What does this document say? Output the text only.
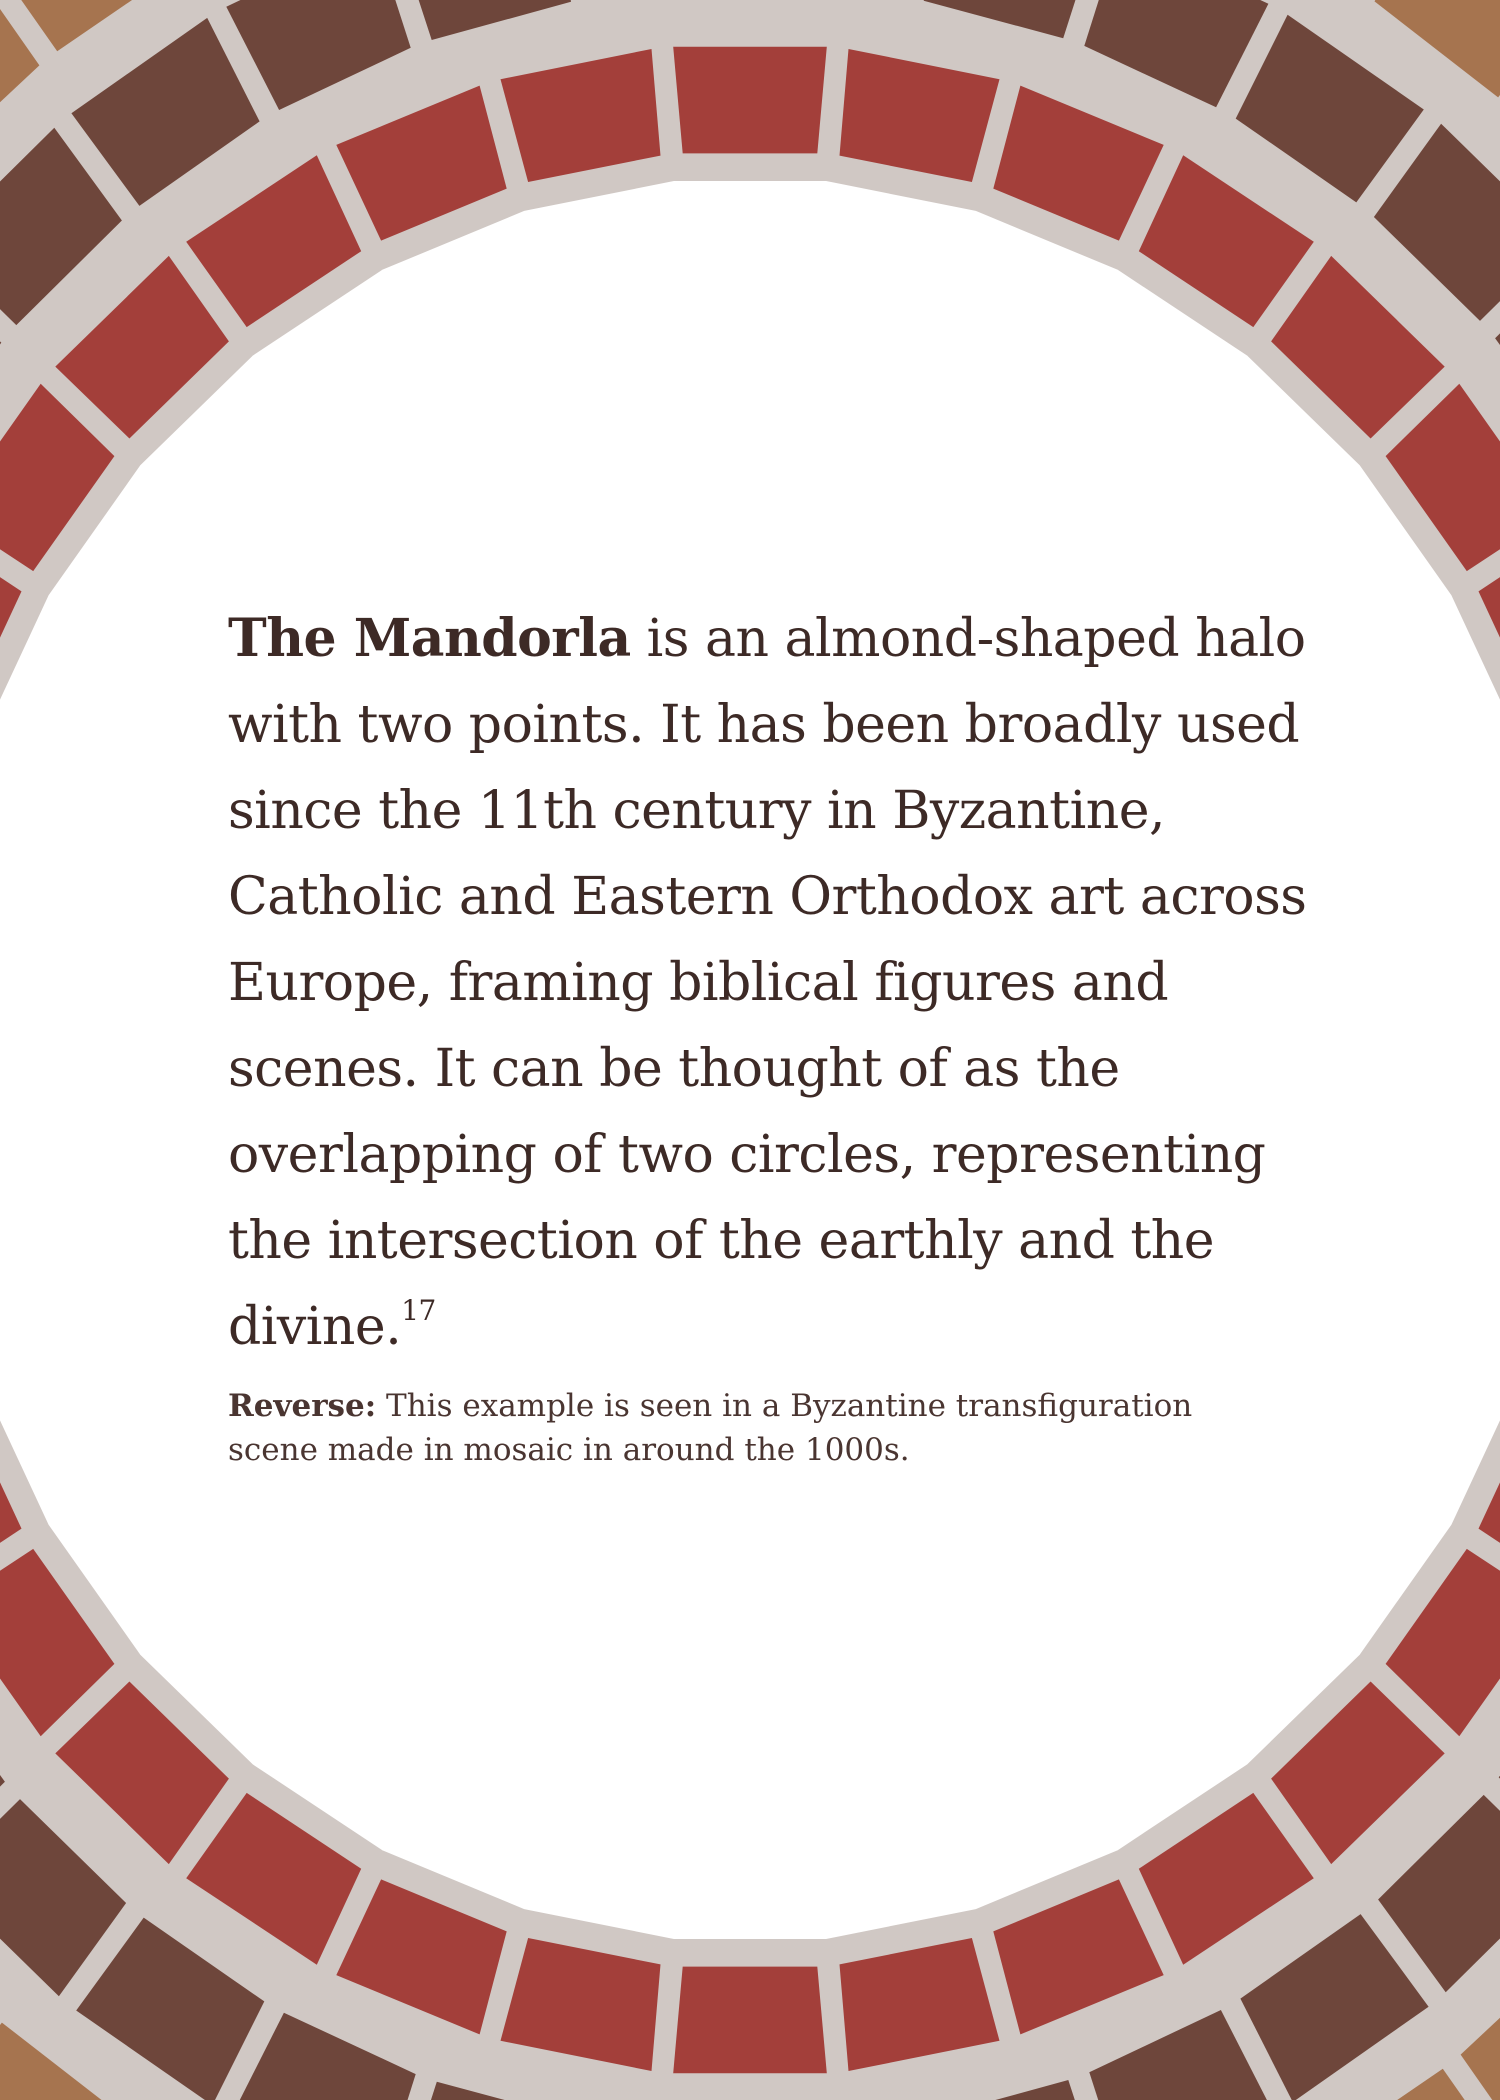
The Mandorla is an almond-shaped halo with two points. It has been broadly used since the 11th century in Byzantine, Catholic and Eastern Orthodox art across Europe, framing biblical figures and scenes. It can be thought of as the overlapping of two circles, representing the intersection of the earthly and the divine.$^{17}$

Reverse: This example is seen in a Byzantine transfiguration scene made in mosaic in around the 1000s.
